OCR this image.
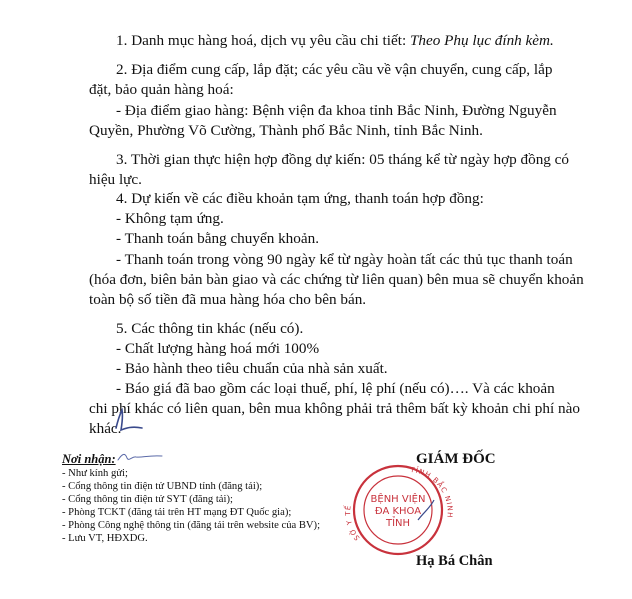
1. Danh mục hàng hoá, dịch vụ yêu cầu chi tiết: Theo Phụ lục đính kèm.
2. Địa điểm cung cấp, lắp đặt; các yêu cầu về vận chuyển, cung cấp, lắp
đặt, bảo quản hàng hoá:
- Địa điểm giao hàng: Bệnh viện đa khoa tỉnh Bắc Ninh, Đường Nguyễn
Quyền, Phường Võ Cường, Thành phố Bắc Ninh, tỉnh Bắc Ninh.
3. Thời gian thực hiện hợp đồng dự kiến: 05 tháng kể từ ngày hợp đồng có
hiệu lực.
4. Dự kiến về các điều khoản tạm ứng, thanh toán hợp đồng:
- Không tạm ứng.
- Thanh toán bằng chuyển khoản.
- Thanh toán trong vòng 90 ngày kể từ ngày hoàn tất các thủ tục thanh toán
(hóa đơn, biên bản bàn giao và các chứng từ liên quan) bên mua sẽ chuyển khoản
toàn bộ số tiền đã mua hàng hóa cho bên bán.
5. Các thông tin khác (nếu có).
- Chất lượng hàng hoá mới 100%
- Bảo hành theo tiêu chuẩn của nhà sản xuất.
- Báo giá đã bao gồm các loại thuế, phí, lệ phí (nếu có)…. Và các khoản
chi phí khác có liên quan, bên mua không phải trả thêm bất kỳ khoản chi phí nào
khác.
Nơi nhận:
- Như kính gửi;
- Cổng thông tin điện tử UBND tỉnh (đăng tải);
- Cổng thông tin điện tử SYT (đăng tải);
- Phòng TCKT (đăng tải trên HT mạng ĐT Quốc gia);
- Phòng Công nghệ thông tin (đăng tải trên website của BV);
- Lưu VT, HĐXDG.
GIÁM ĐỐC
SỞ Y TẾ
TỈNH BẮC NINH
BỆNH VIỆN
ĐA KHOA
TỈNH
Hạ Bá Chân
